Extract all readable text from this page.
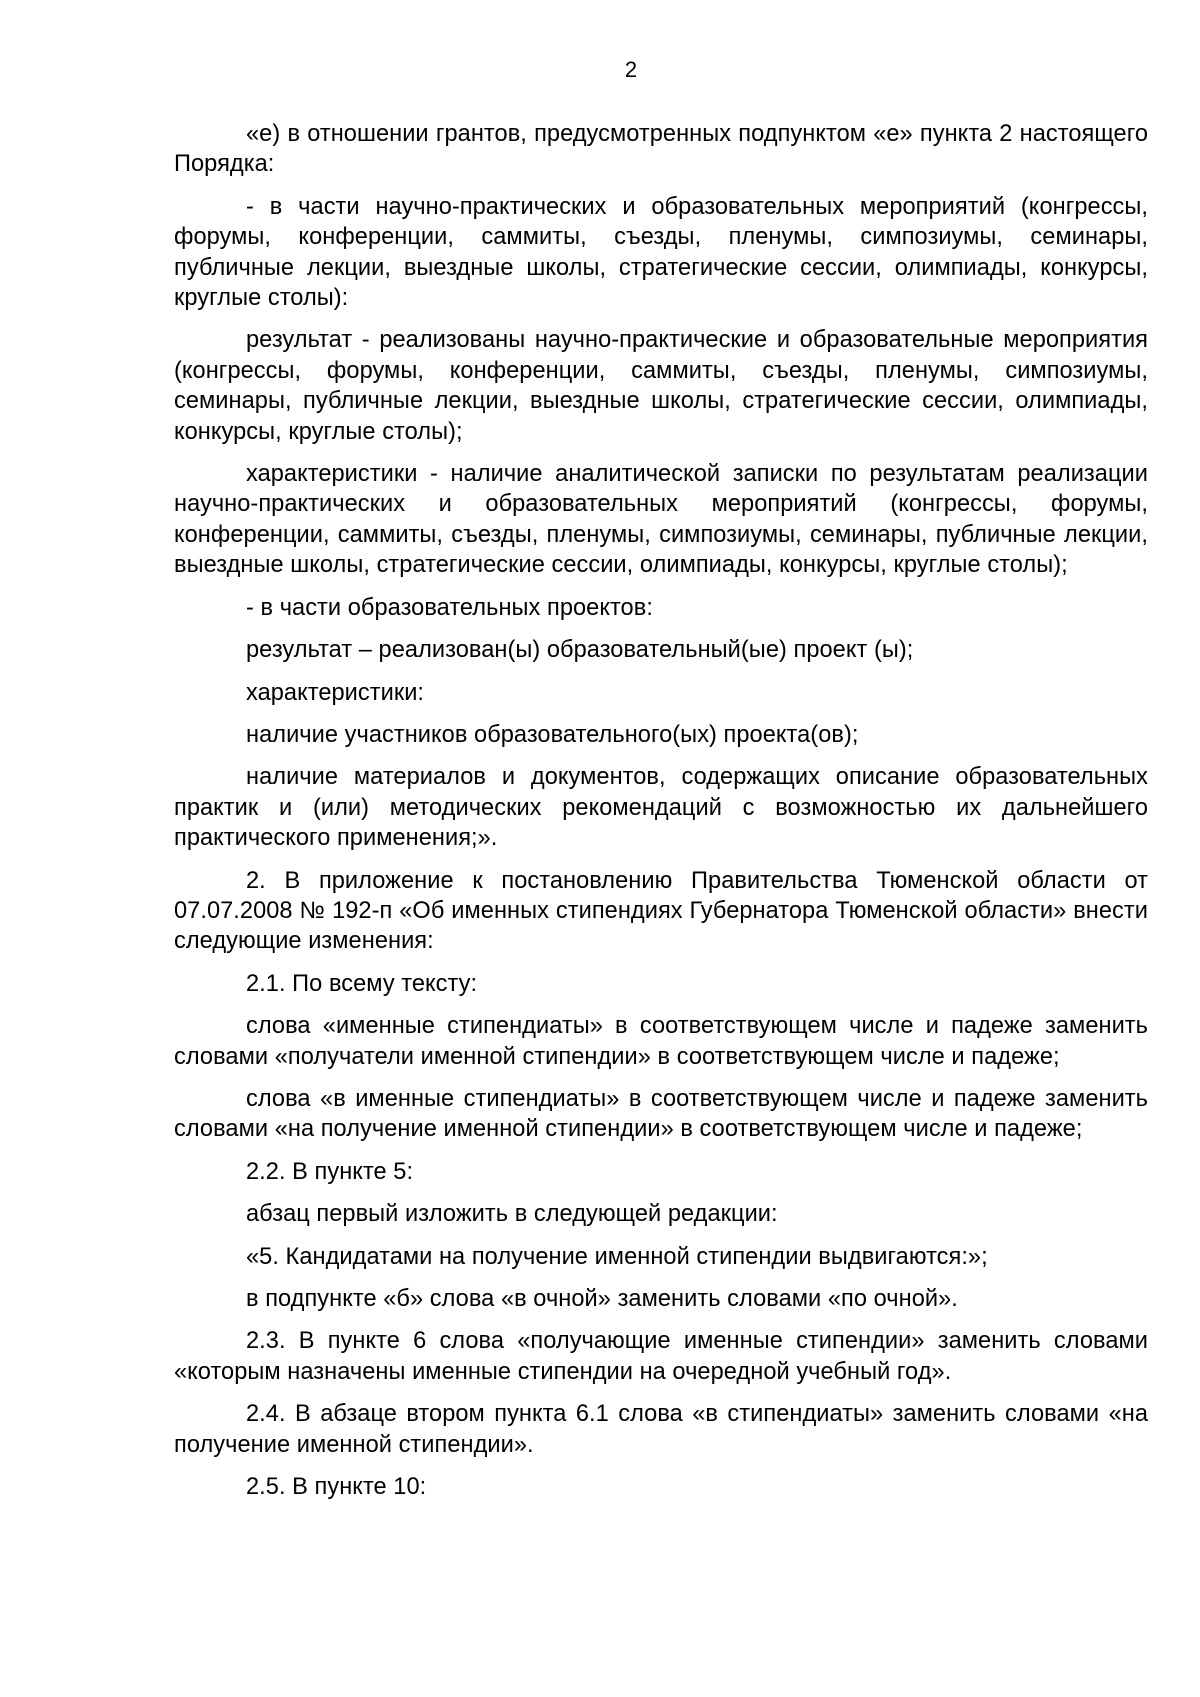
2

«е) в отношении грантов, предусмотренных подпунктом «е» пункта 2 настоящего Порядка:

- в части научно-практических и образовательных мероприятий (конгрессы, форумы, конференции, саммиты, съезды, пленумы, симпозиумы, семинары, публичные лекции, выездные школы, стратегические сессии, олимпиады, конкурсы, круглые столы):

результат - реализованы научно-практические и образовательные мероприятия (конгрессы, форумы, конференции, саммиты, съезды, пленумы, симпозиумы, семинары, публичные лекции, выездные школы, стратегические сессии, олимпиады, конкурсы, круглые столы);

характеристики - наличие аналитической записки по результатам реализации научно-практических и образовательных мероприятий (конгрессы, форумы, конференции, саммиты, съезды, пленумы, симпозиумы, семинары, публичные лекции, выездные школы, стратегические сессии, олимпиады, конкурсы, круглые столы);

- в части образовательных проектов:

результат – реализован(ы) образовательный(ые) проект (ы);

характеристики:

наличие участников образовательного(ых) проекта(ов);

наличие материалов и документов, содержащих описание образовательных практик и (или) методических рекомендаций с возможностью их дальнейшего практического применения;».

2. В приложение к постановлению Правительства Тюменской области от 07.07.2008 № 192-п «Об именных стипендиях Губернатора Тюменской области» внести следующие изменения:

2.1. По всему тексту:

слова «именные стипендиаты» в соответствующем числе и падеже заменить словами «получатели именной стипендии» в соответствующем числе и падеже;

слова «в именные стипендиаты» в соответствующем числе и падеже заменить словами «на получение именной стипендии» в соответствующем числе и падеже;

2.2. В пункте 5:

абзац первый изложить в следующей редакции:

«5. Кандидатами на получение именной стипендии выдвигаются:»;

в подпункте «б» слова «в очной» заменить словами «по очной».

2.3. В пункте 6 слова «получающие именные стипендии» заменить словами «которым назначены именные стипендии на очередной учебный год».

2.4. В абзаце втором пункта 6.1 слова «в стипендиаты» заменить словами «на получение именной стипендии».

2.5. В пункте 10:
